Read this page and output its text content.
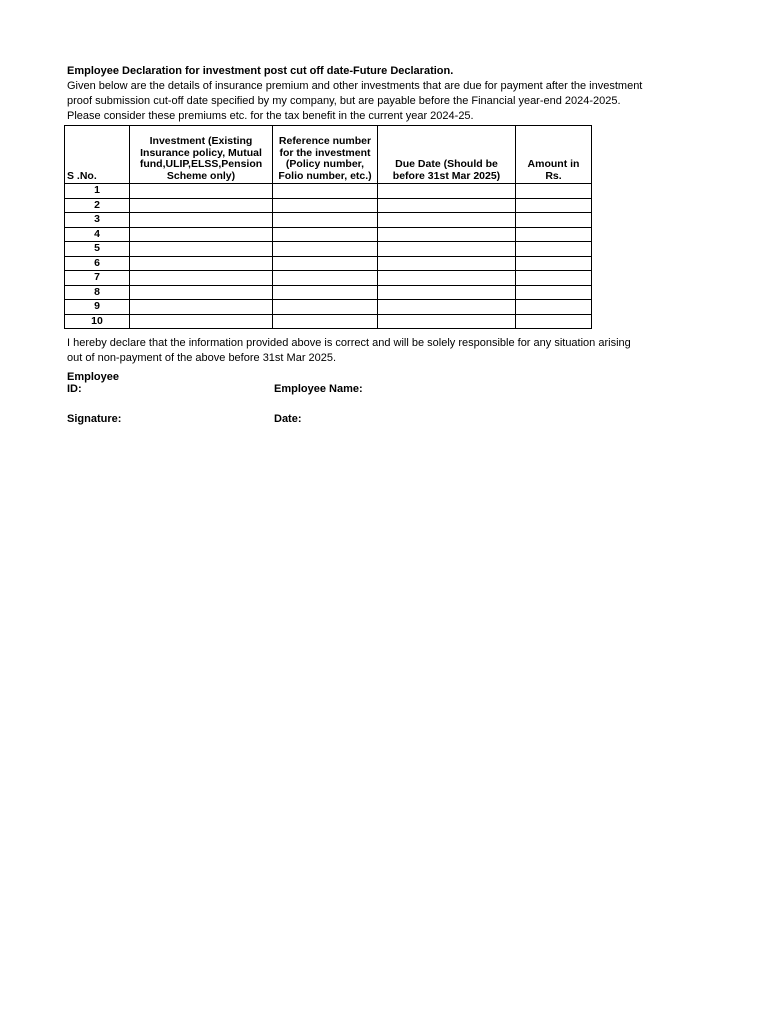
Employee Declaration for investment post cut off date-Future Declaration.
Given below are the details of insurance premium and other investments that are due for payment after the investment
proof submission cut-off date specified by my company, but are payable before the Financial year-end 2024-2025.
Please consider these premiums etc. for the tax benefit in the current year 2024-25.
S .No.	Investment (Existing Insurance policy, Mutual fund,ULIP,ELSS,Pension Scheme only)	Reference number for the investment (Policy number, Folio number, etc.)	Due Date (Should be before 31st Mar 2025)	Amount in Rs.
1				
2				
3				
4				
5				
6				
7				
8				
9				
10				
I hereby declare that the information provided above is correct and will be solely responsible for any situation arising
out of non-payment of the above before 31st Mar 2025.
Employee
ID:	Employee Name:
Signature:	Date:
